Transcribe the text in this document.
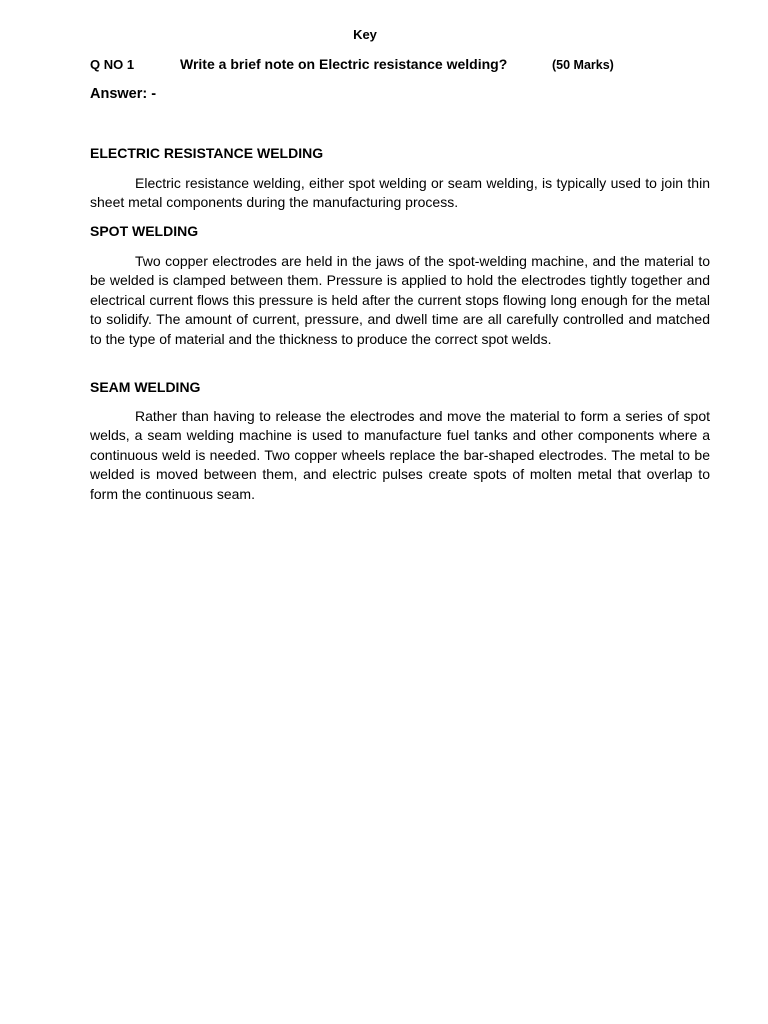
Key
Q NO 1	Write a brief note on Electric resistance welding?	(50 Marks)
Answer: -
ELECTRIC RESISTANCE WELDING
Electric resistance welding, either spot welding or seam welding, is typically used to join thin sheet metal components during the manufacturing process.
SPOT WELDING
Two copper electrodes are held in the jaws of the spot-welding machine, and the material to be welded is clamped between them. Pressure is applied to hold the electrodes tightly together and electrical current flows this pressure is held after the current stops flowing long enough for the metal to solidify. The amount of current, pressure, and dwell time are all carefully controlled and matched to the type of material and the thickness to produce the correct spot welds.
SEAM WELDING
Rather than having to release the electrodes and move the material to form a series of spot welds, a seam welding machine is used to manufacture fuel tanks and other components where a continuous weld is needed. Two copper wheels replace the bar-shaped electrodes. The metal to be welded is moved between them, and electric pulses create spots of molten metal that overlap to form the continuous seam.
